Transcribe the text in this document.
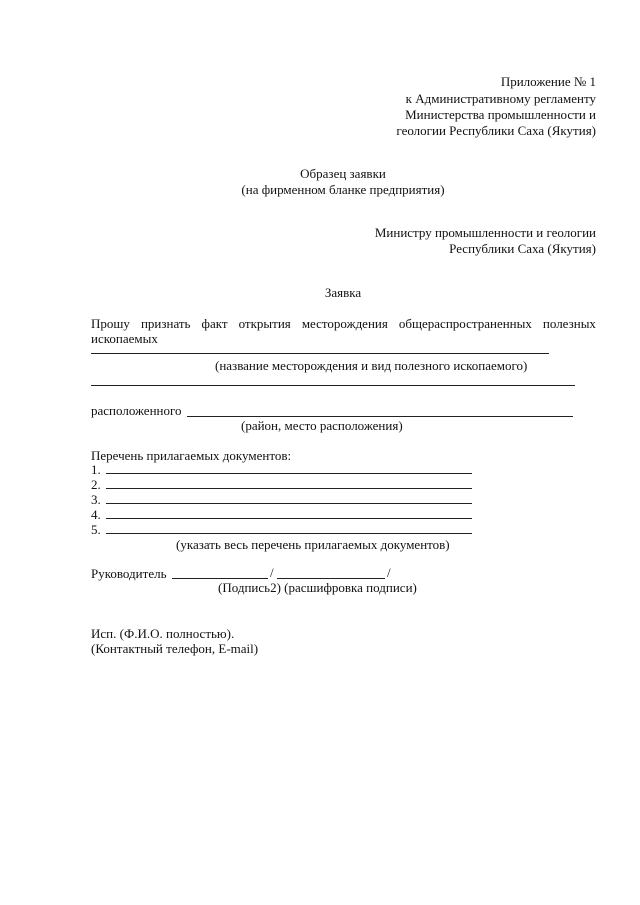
Приложение № 1
к Административному регламенту
Министерства промышленности и
геологии Республики Саха (Якутия)
Образец заявки
(на фирменном бланке предприятия)
Министру промышленности и геологии
Республики Саха (Якутия)
Заявка
Прошу признать факт открытия месторождения общераспространенных полезных
ископаемых
(название месторождения и вид полезного ископаемого)
расположенного
(район, место расположения)
Перечень прилагаемых документов:
1.
2.
3.
4.
5.
(указать весь перечень прилагаемых документов)
Руководитель	/	/
(Подпись2) (расшифровка подписи)
Исп. (Ф.И.О. полностью).
(Контактный телефон, E-mail)
